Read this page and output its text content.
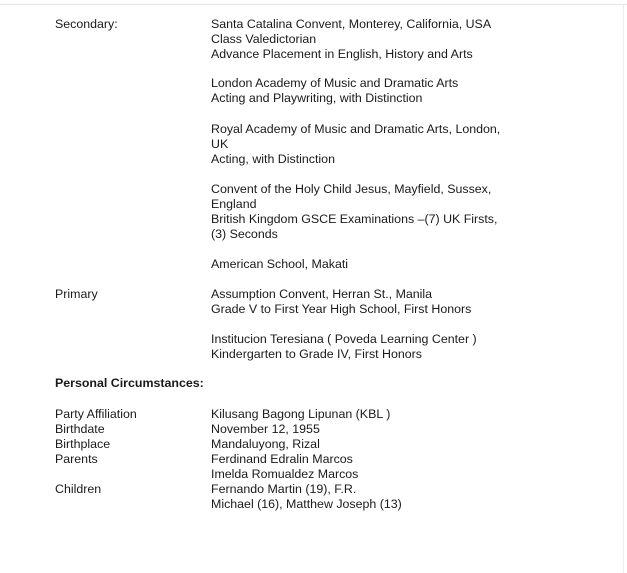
Secondary:	Santa Catalina Convent, Monterey, California, USA
Class Valedictorian
Advance Placement in English, History and Arts
London Academy of Music and Dramatic Arts
Acting and Playwriting, with Distinction
Royal Academy of Music and Dramatic Arts, London,
UK
Acting, with Distinction
Convent of the Holy Child Jesus, Mayfield, Sussex,
England
British Kingdom GSCE Examinations –(7) UK Firsts,
(3) Seconds
American School, Makati
Primary	Assumption Convent, Herran St., Manila
Grade V to First Year High School, First Honors
Institucion Teresiana ( Poveda Learning Center )
Kindergarten to Grade IV, First Honors
Personal Circumstances:
Party Affiliation	Kilusang Bagong Lipunan (KBL )
Birthdate	November 12, 1955
Birthplace	Mandaluyong, Rizal
Parents	Ferdinand Edralin Marcos
Imelda Romualdez Marcos
Children	Fernando Martin (19), F.R.
Michael (16), Matthew Joseph (13)
